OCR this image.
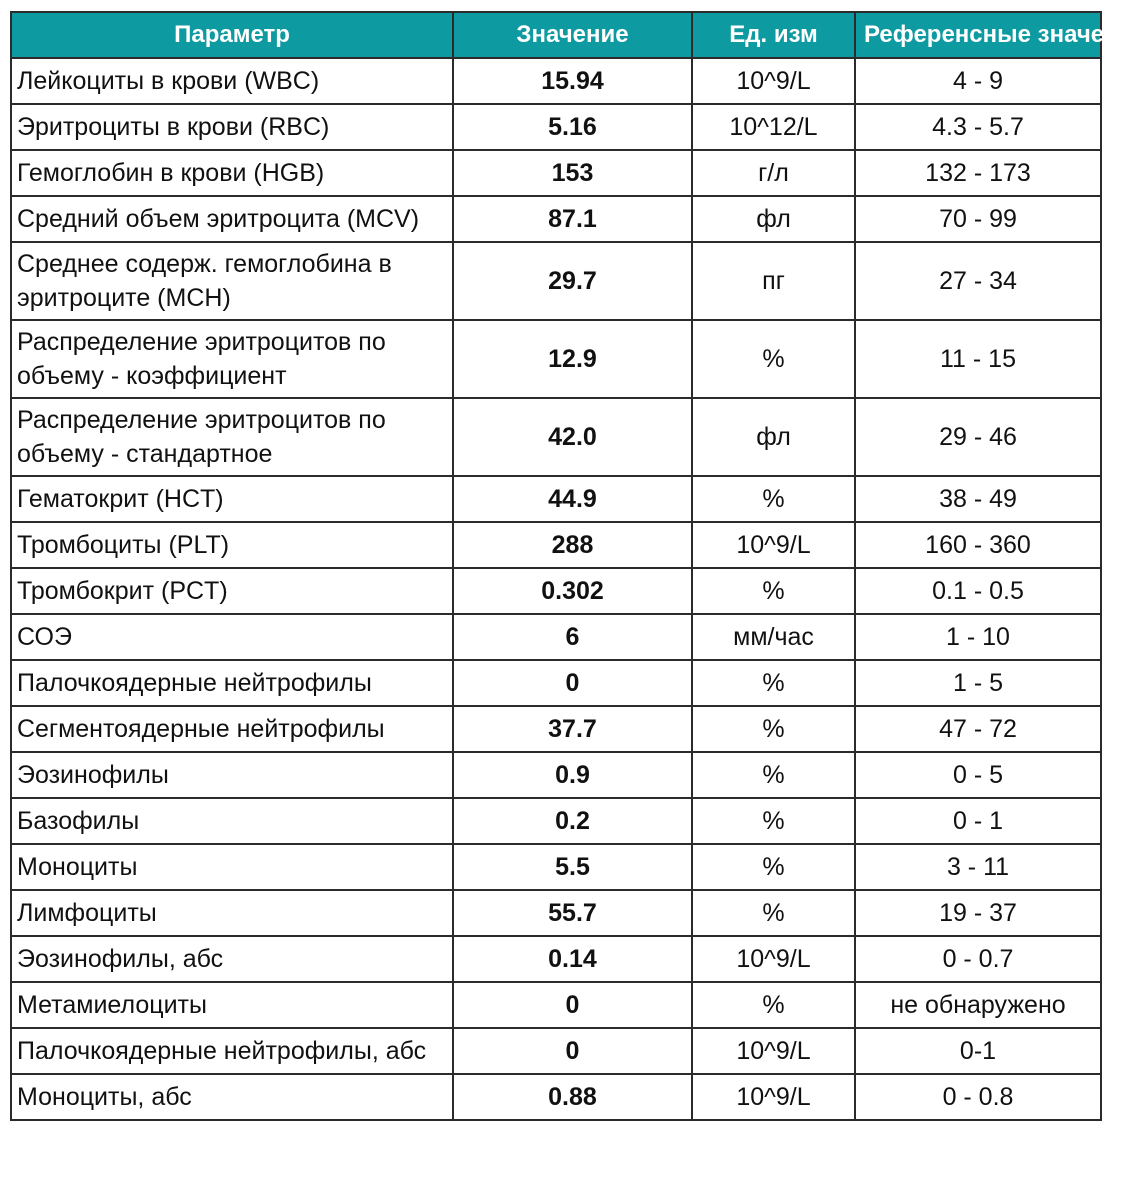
Параметр	Значение	Ед. изм	Референсные значения

Лейкоциты в крови (WBC)	15.94	10^9/L	4 - 9
Эритроциты в крови (RBC)	5.16	10^12/L	4.3 - 5.7
Гемоглобин в крови (HGB)	153	г/л	132 - 173
Средний объем эритроцита (MCV)	87.1	фл	70 - 99
Среднее содерж. гемоглобина в эритроците (MCH)	29.7	пг	27 - 34
Распределение эритроцитов по объему - коэффициент	12.9	%	11 - 15
Распределение эритроцитов по объему - стандартное	42.0	фл	29 - 46
Гематокрит (HCT)	44.9	%	38 - 49
Тромбоциты (PLT)	288	10^9/L	160 - 360
Тромбокрит (PCT)	0.302	%	0.1 - 0.5
СОЭ	6	мм/час	1 - 10
Палочкоядерные нейтрофилы	0	%	1 - 5
Сегментоядерные нейтрофилы	37.7	%	47 - 72
Эозинофилы	0.9	%	0 - 5
Базофилы	0.2	%	0 - 1
Моноциты	5.5	%	3 - 11
Лимфоциты	55.7	%	19 - 37
Эозинофилы, абс	0.14	10^9/L	0 - 0.7
Метамиелоциты	0	%	не обнаружено
Палочкоядерные нейтрофилы, абс	0	10^9/L	0-1
Моноциты, абс	0.88	10^9/L	0 - 0.8
